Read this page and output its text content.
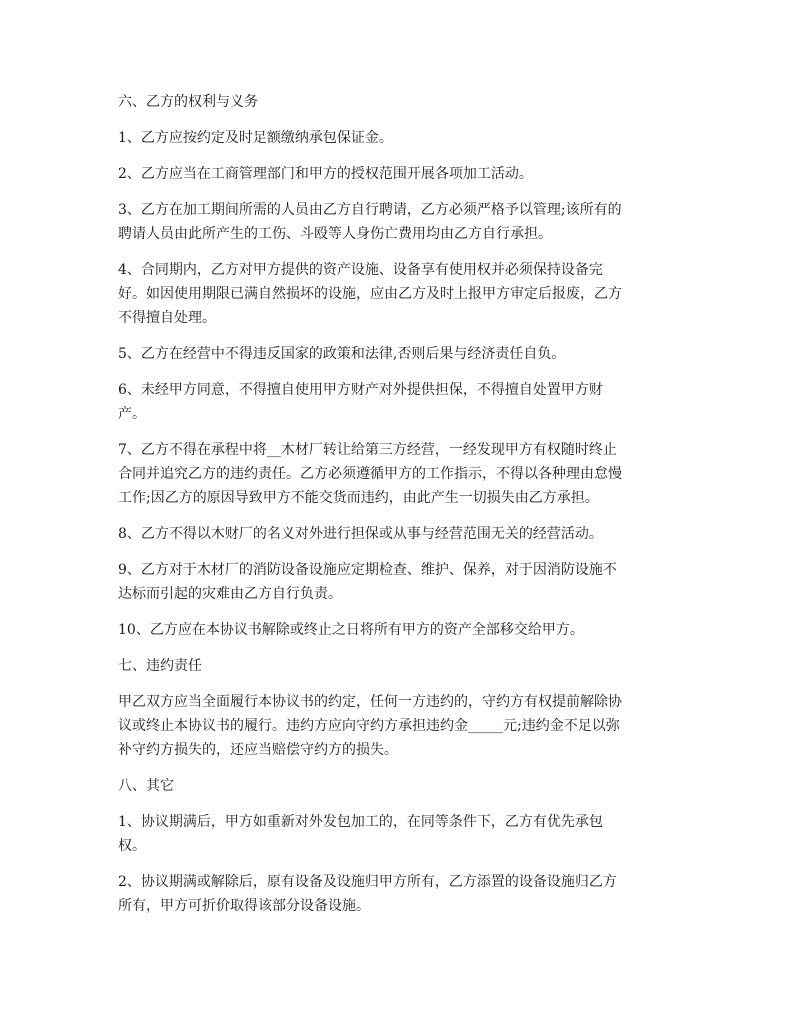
六、乙方的权利与义务
1、乙方应按约定及时足额缴纳承包保证金。
2、乙方应当在工商管理部门和甲方的授权范围开展各项加工活动。
3、乙方在加工期间所需的人员由乙方自行聘请，乙方必须严格予以管理;该所有的
聘请人员由此所产生的工伤、斗殴等人身伤亡费用均由乙方自行承担。
4、合同期内，乙方对甲方提供的资产设施、设备享有使用权并必须保持设备完
好。如因使用期限已满自然损坏的设施，应由乙方及时上报甲方审定后报废，乙方
不得擅自处理。
5、乙方在经营中不得违反国家的政策和法律,否则后果与经济责任自负。
6、未经甲方同意，不得擅自使用甲方财产对外提供担保，不得擅自处置甲方财
产。
7、乙方不得在承程中将__木材厂转让给第三方经营，一经发现甲方有权随时终止
合同并追究乙方的违约责任。乙方必须遵循甲方的工作指示，不得以各种理由怠慢
工作;因乙方的原因导致甲方不能交货而违约，由此产生一切损失由乙方承担。
8、乙方不得以木财厂的名义对外进行担保或从事与经营范围无关的经营活动。
9、乙方对于木材厂的消防设备设施应定期检查、维护、保养，对于因消防设施不
达标而引起的灾难由乙方自行负责。
10、乙方应在本协议书解除或终止之日将所有甲方的资产全部移交给甲方。
七、违约责任
甲乙双方应当全面履行本协议书的约定，任何一方违约的，守约方有权提前解除协
议或终止本协议书的履行。违约方应向守约方承担违约金_____元;违约金不足以弥
补守约方损失的，还应当赔偿守约方的损失。
八、其它
1、协议期满后，甲方如重新对外发包加工的，在同等条件下，乙方有优先承包
权。
2、协议期满或解除后，原有设备及设施归甲方所有，乙方添置的设备设施归乙方
所有，甲方可折价取得该部分设备设施。
